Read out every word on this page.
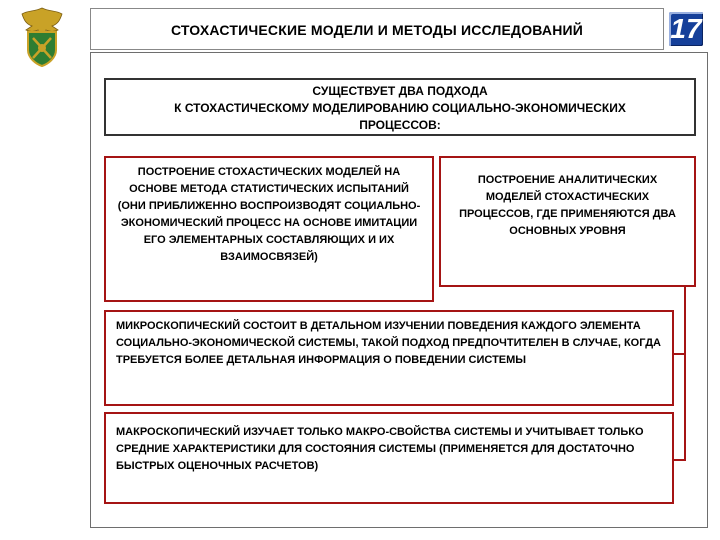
СТОХАСТИЧЕСКИЕ МОДЕЛИ И МЕТОДЫ ИССЛЕДОВАНИЙ	17
СУЩЕСТВУЕТ ДВА ПОДХОДА
К СТОХАСТИЧЕСКОМУ МОДЕЛИРОВАНИЮ СОЦИАЛЬНО-ЭКОНОМИЧЕСКИХ
ПРОЦЕССОВ:
ПОСТРОЕНИЕ СТОХАСТИЧЕСКИХ МОДЕЛЕЙ НА ОСНОВЕ МЕТОДА СТАТИСТИЧЕСКИХ ИСПЫТАНИЙ (ОНИ ПРИБЛИЖЕННО ВОСПРОИЗВОДЯТ СОЦИАЛЬНО-ЭКОНОМИЧЕСКИЙ ПРОЦЕСС НА ОСНОВЕ ИМИТАЦИИ ЕГО ЭЛЕМЕНТАРНЫХ СОСТАВЛЯЮЩИХ И ИХ ВЗАИМОСВЯЗЕЙ)
ПОСТРОЕНИЕ АНАЛИТИЧЕСКИХ МОДЕЛЕЙ СТОХАСТИЧЕСКИХ ПРОЦЕССОВ, ГДЕ ПРИМЕНЯЮТСЯ ДВА ОСНОВНЫХ УРОВНЯ
МИКРОСКОПИЧЕСКИЙ СОСТОИТ В ДЕТАЛЬНОМ ИЗУЧЕНИИ ПОВЕДЕНИЯ КАЖДОГО ЭЛЕМЕНТА СОЦИАЛЬНО-ЭКОНОМИЧЕСКОЙ СИСТЕМЫ, ТАКОЙ ПОДХОД ПРЕДПОЧТИТЕЛЕН В СЛУЧАЕ, КОГДА ТРЕБУЕТСЯ БОЛЕЕ ДЕТАЛЬНАЯ ИНФОРМАЦИЯ О ПОВЕДЕНИИ СИСТЕМЫ
МАКРОСКОПИЧЕСКИЙ ИЗУЧАЕТ ТОЛЬКО МАКРО-СВОЙСТВА СИСТЕМЫ И УЧИТЫВАЕТ ТОЛЬКО СРЕДНИЕ ХАРАКТЕРИСТИКИ ДЛЯ СОСТОЯНИЯ СИСТЕМЫ (ПРИМЕНЯЕТСЯ ДЛЯ ДОСТАТОЧНО БЫСТРЫХ ОЦЕНОЧНЫХ РАСЧЕТОВ)
